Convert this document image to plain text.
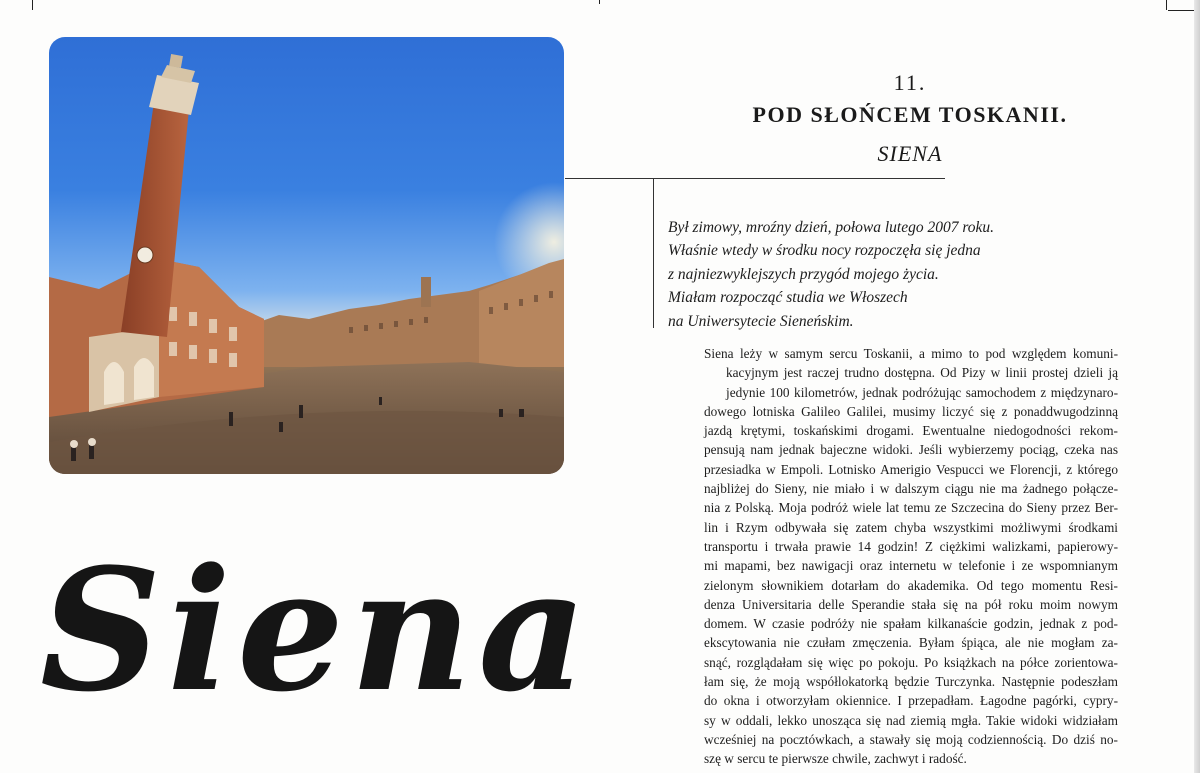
Siena
11.
POD SŁOŃCEM TOSKANII.
SIENA
Był zimowy, mroźny dzień, połowa lutego 2007 roku.
Właśnie wtedy w środku nocy rozpoczęła się jedna
z najniezwyklejszych przygód mojego życia.
Miałam rozpocząć studia we Włoszech
na Uniwersytecie Sieneńskim.
Siena leży w samym sercu Toskanii, a mimo to pod względem komuni-
kacyjnym jest raczej trudno dostępna. Od Pizy w linii prostej dzieli ją
jedynie 100 kilometrów, jednak podróżując samochodem z międzynaro-
dowego lotniska Galileo Galilei, musimy liczyć się z ponaddwugodzinną
jazdą krętymi, toskańskimi drogami. Ewentualne niedogodności rekom-
pensują nam jednak bajeczne widoki. Jeśli wybierzemy pociąg, czeka nas
przesiadka w Empoli. Lotnisko Amerigio Vespucci we Florencji, z którego
najbliżej do Sieny, nie miało i w dalszym ciągu nie ma żadnego połącze-
nia z Polską. Moja podróż wiele lat temu ze Szczecina do Sieny przez Ber-
lin i Rzym odbywała się zatem chyba wszystkimi możliwymi środkami
transportu i trwała prawie 14 godzin! Z ciężkimi walizkami, papierowy-
mi mapami, bez nawigacji oraz internetu w telefonie i ze wspomnianym
zielonym słownikiem dotarłam do akademika. Od tego momentu Resi-
denza Universitaria delle Sperandie stała się na pół roku moim nowym
domem. W czasie podróży nie spałam kilkanaście godzin, jednak z pod-
ekscytowania nie czułam zmęczenia. Byłam śpiąca, ale nie mogłam za-
snąć, rozglądałam się więc po pokoju. Po książkach na półce zorientowa-
łam się, że moją współlokatorką będzie Turczynka. Następnie podeszłam
do okna i otworzyłam okiennice. I przepadłam. Łagodne pagórki, cypry-
sy w oddali, lekko unosząca się nad ziemią mgła. Takie widoki widziałam
wcześniej na pocztówkach, a stawały się moją codziennością. Do dziś no-
szę w sercu te pierwsze chwile, zachwyt i radość.
